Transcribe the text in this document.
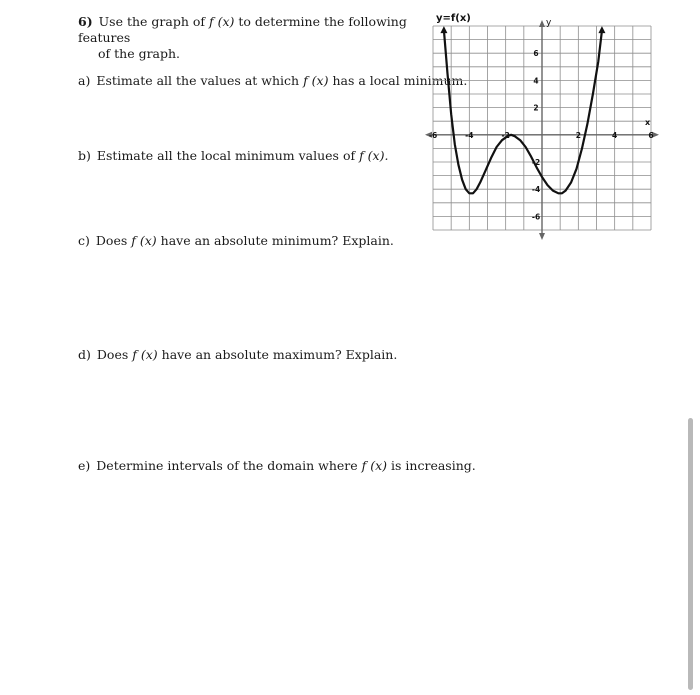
6) Use the graph of f (x) to determine the following features
of the graph.
a) Estimate all the values at which f (x) has a local minimum.
b) Estimate all the local minimum values of f (x).
c) Does f (x) have an absolute minimum? Explain.
d) Does f (x) have an absolute maximum? Explain.
e) Determine intervals of the domain where f (x) is increasing.
-6	-4	-2	2	4	6
6
4
2
-2
-4
-6
y=f(x)	y
x
